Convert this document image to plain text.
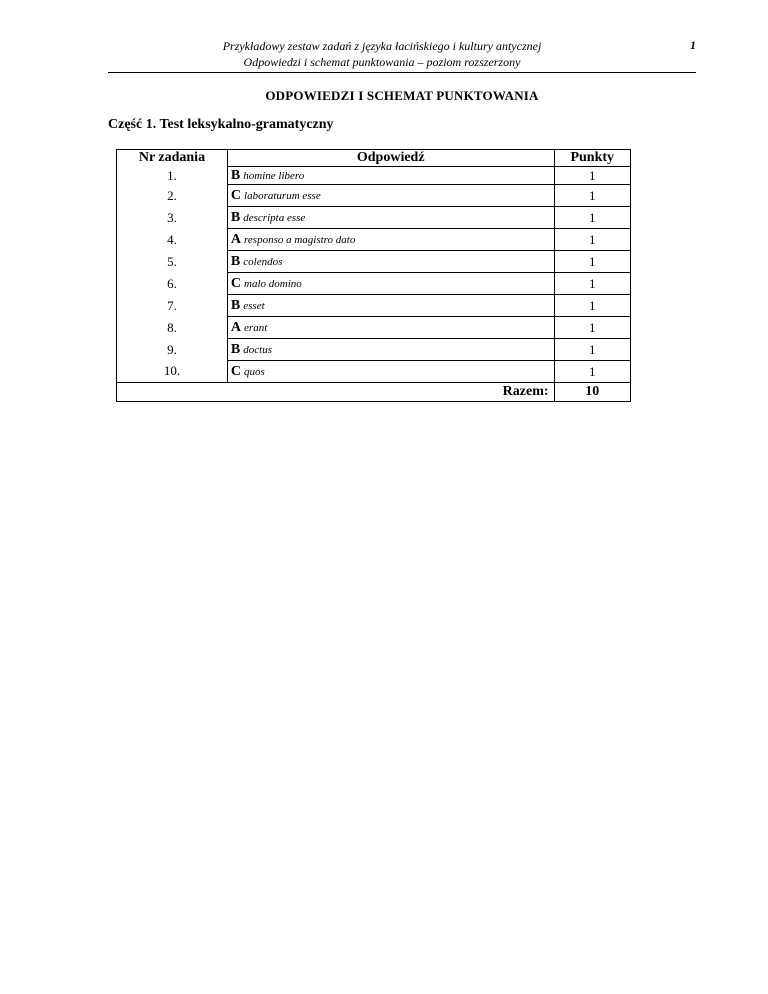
Przykładowy zestaw zadań z języka łacińskiego i kultury antycznej
Odpowiedzi i schemat punktowania – poziom rozszerzony
1
ODPOWIEDZI I SCHEMAT PUNKTOWANIA
Część 1. Test leksykalno-gramatyczny
Nr zadania	Odpowiedź	Punkty
1.	B homine libero	1
2.	C laboraturum esse	1
3.	B descripta esse	1
4.	A responso a magistro dato	1
5.	B colendos	1
6.	C malo domino	1
7.	B esset	1
8.	A erant	1
9.	B doctus	1
10.	C quos	1
Razem:		10
